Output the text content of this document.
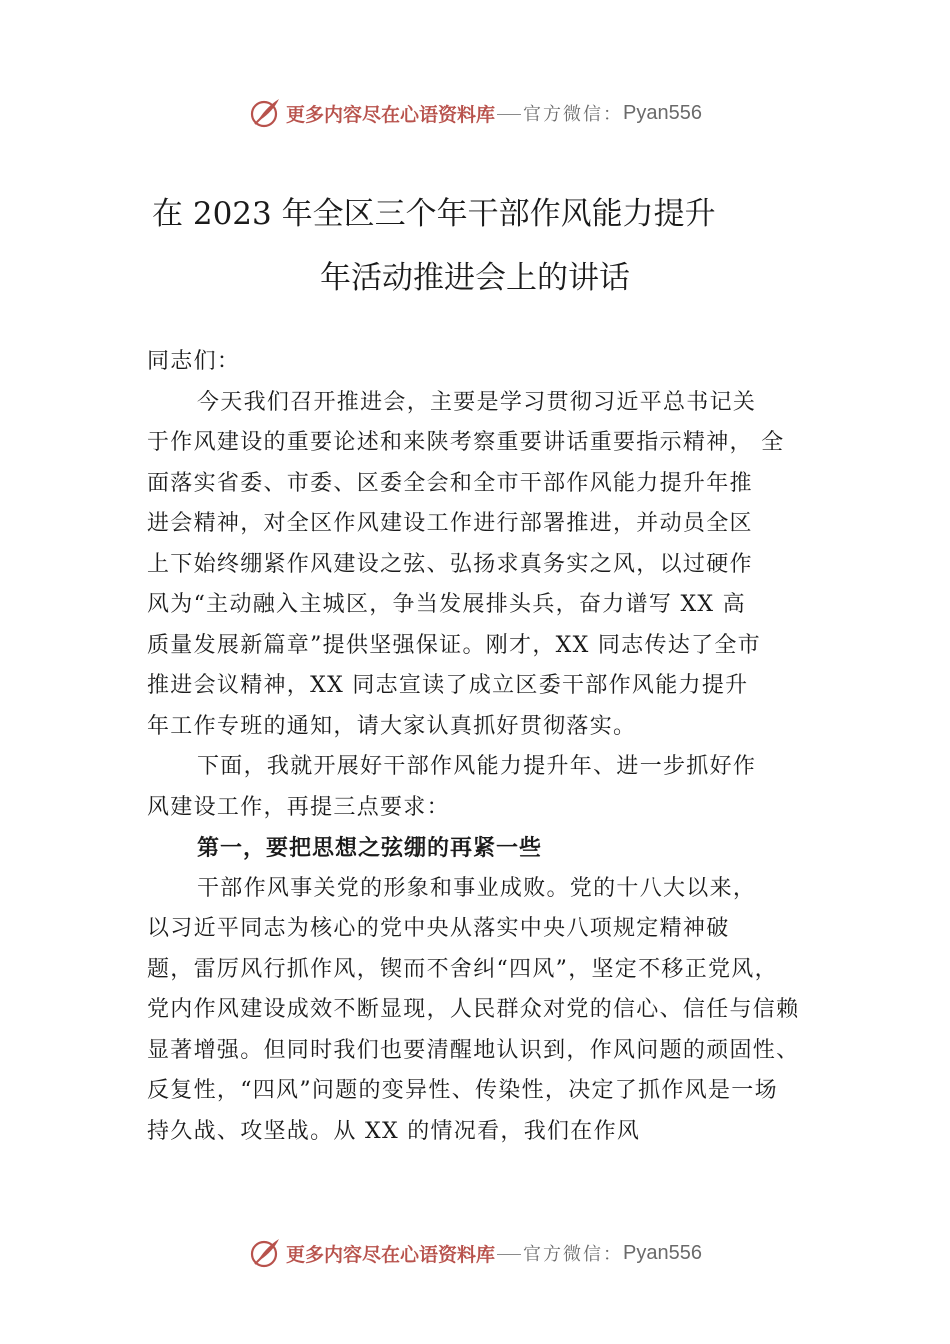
更多内容尽在心语资料库 官方微信： Pyan556
在 2023 年全区三个年干部作风能力提升
年活动推进会上的讲话
同志们：
今天我们召开推进会，主要是学习贯彻习近平总书记关
于作风建设的重要论述和来陕考察重要讲话重要指示精神， 全
面落实省委、市委、区委全会和全市干部作风能力提升年推
进会精神，对全区作风建设工作进行部署推进，并动员全区
上下始终绷紧作风建设之弦、弘扬求真务实之风，以过硬作
风为“主动融入主城区，争当发展排头兵，奋力谱写 XX 高
质量发展新篇章”提供坚强保证。刚才，XX 同志传达了全市
推进会议精神，XX 同志宣读了成立区委干部作风能力提升
年工作专班的通知，请大家认真抓好贯彻落实。
下面，我就开展好干部作风能力提升年、进一步抓好作
风建设工作，再提三点要求：
第一，要把思想之弦绷的再紧一些
干部作风事关党的形象和事业成败。党的十八大以来，
以习近平同志为核心的党中央从落实中央八项规定精神破
题，雷厉风行抓作风，锲而不舍纠“四风”，坚定不移正党风，
党内作风建设成效不断显现，人民群众对党的信心、信任与信赖
显著增强。但同时我们也要清醒地认识到，作风问题的顽固性、
反复性，“四风”问题的变异性、传染性，决定了抓作风是一场
持久战、攻坚战。从 XX 的情况看，我们在作风
更多内容尽在心语资料库 官方微信： Pyan556
